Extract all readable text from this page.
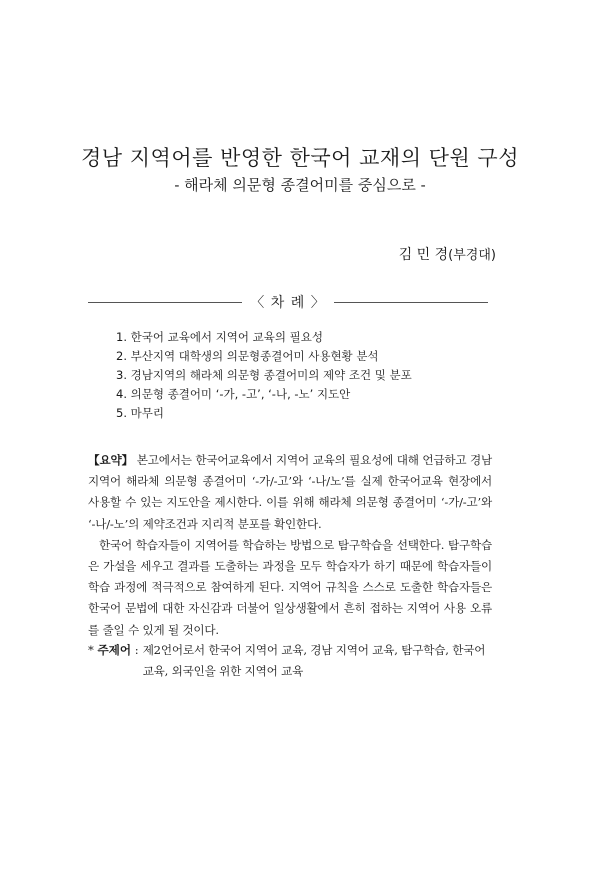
경남 지역어를 반영한 한국어 교재의 단원 구성
- 해라체 의문형 종결어미를 중심으로 -
김 민 경(부경대)
〈 차 례 〉
1. 한국어 교육에서 지역어 교육의 필요성
2. 부산지역 대학생의 의문형종결어미 사용현황 분석
3. 경남지역의 해라체 의문형 종결어미의 제약 조건 및 분포
4. 의문형 종결어미 ‘-가, -고’, ‘-나, -노’ 지도안
5. 마무리

【요약】 본고에서는 한국어교육에서 지역어 교육의 필요성에 대해 언급하고 경남지역어 해라체 의문형 종결어미 ‘-가/-고’와 ‘-나/노’를 실제 한국어교육 현장에서 사용할 수 있는 지도안을 제시한다. 이를 위해 해라체 의문형 종결어미 ‘-가/-고’와 ‘-나/-노’의 제약조건과 지리적 분포를 확인한다.

한국어 학습자들이 지역어를 학습하는 방법으로 탐구학습을 선택한다. 탐구학습은 가설을 세우고 결과를 도출하는 과정을 모두 학습자가 하기 때문에 학습자들이 학습 과정에 적극적으로 참여하게 된다. 지역어 규칙을 스스로 도출한 학습자들은 한국어 문법에 대한 자신감과 더불어 일상생활에서 흔히 접하는 지역어 사용 오류를 줄일 수 있게 될 것이다.

* 주제어 : 제2언어로서 한국어 지역어 교육, 경남 지역어 교육, 탐구학습, 한국어 교육, 외국인을 위한 지역어 교육
